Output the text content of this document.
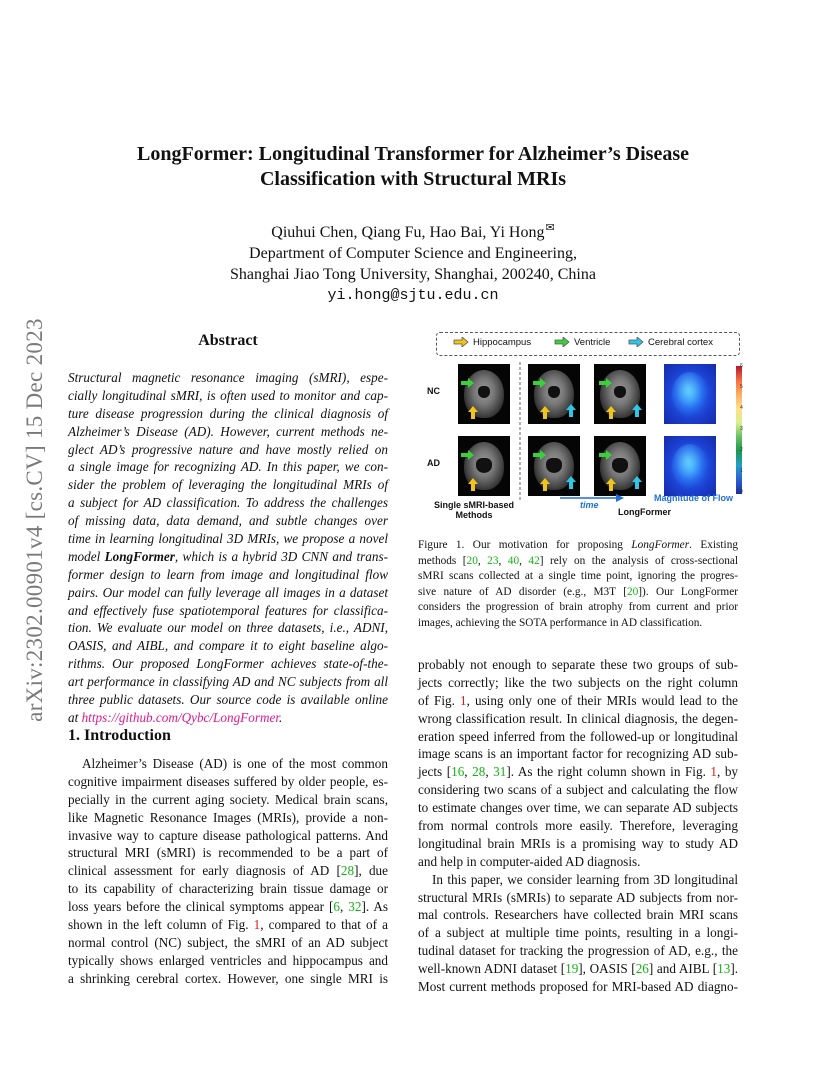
arXiv:2302.00901v4 [cs.CV] 15 Dec 2023
LongFormer: Longitudinal Transformer for Alzheimer’s Disease
Classification with Structural MRIs
Qiuhui Chen, Qiang Fu, Hao Bai, Yi Hong✉
Department of Computer Science and Engineering,
Shanghai Jiao Tong University, Shanghai, 200240, China
yi.hong@sjtu.edu.cn
Abstract
Structural magnetic resonance imaging (sMRI), espe-
cially longitudinal sMRI, is often used to monitor and cap-
ture disease progression during the clinical diagnosis of
Alzheimer’s Disease (AD). However, current methods ne-
glect AD’s progressive nature and have mostly relied on
a single image for recognizing AD. In this paper, we con-
sider the problem of leveraging the longitudinal MRIs of
a subject for AD classification. To address the challenges
of missing data, data demand, and subtle changes over
time in learning longitudinal 3D MRIs, we propose a novel
model LongFormer, which is a hybrid 3D CNN and trans-
former design to learn from image and longitudinal flow
pairs. Our model can fully leverage all images in a dataset
and effectively fuse spatiotemporal features for classifica-
tion. We evaluate our model on three datasets, i.e., ADNI,
OASIS, and AIBL, and compare it to eight baseline algo-
rithms. Our proposed LongFormer achieves state-of-the-
art performance in classifying AD and NC subjects from all
three public datasets. Our source code is available online
at https://github.com/Qybc/LongFormer.
1. Introduction
Alzheimer’s Disease (AD) is one of the most common
cognitive impairment diseases suffered by older people, es-
pecially in the current aging society. Medical brain scans,
like Magnetic Resonance Images (MRIs), provide a non-
invasive way to capture disease pathological patterns. And
structural MRI (sMRI) is recommended to be a part of
clinical assessment for early diagnosis of AD [28], due
to its capability of characterizing brain tissue damage or
loss years before the clinical symptoms appear [6, 32]. As
shown in the left column of Fig. 1, compared to that of a
normal control (NC) subject, the sMRI of an AD subject
typically shows enlarged ventricles and hippocampus and
a shrinking cerebral cortex. However, one single MRI is
Hippocampus	Ventricle	Cerebral cortex
NC
AD
6
5
4
3
2
1
0
Single sMRI-based
Methods
time
Magnitude of Flow
LongFormer
Figure 1. Our motivation for proposing LongFormer. Existing
methods [20, 23, 40, 42] rely on the analysis of cross-sectional
sMRI scans collected at a single time point, ignoring the progres-
sive nature of AD disorder (e.g., M3T [20]). Our LongFormer
considers the progression of brain atrophy from current and prior
images, achieving the SOTA performance in AD classification.
probably not enough to separate these two groups of sub-
jects correctly; like the two subjects on the right column
of Fig. 1, using only one of their MRIs would lead to the
wrong classification result. In clinical diagnosis, the degen-
eration speed inferred from the followed-up or longitudinal
image scans is an important factor for recognizing AD sub-
jects [16, 28, 31]. As the right column shown in Fig. 1, by
considering two scans of a subject and calculating the flow
to estimate changes over time, we can separate AD subjects
from normal controls more easily. Therefore, leveraging
longitudinal brain MRIs is a promising way to study AD
and help in computer-aided AD diagnosis.
In this paper, we consider learning from 3D longitudinal
structural MRIs (sMRIs) to separate AD subjects from nor-
mal controls. Researchers have collected brain MRI scans
of a subject at multiple time points, resulting in a longi-
tudinal dataset for tracking the progression of AD, e.g., the
well-known ADNI dataset [19], OASIS [26] and AIBL [13].
Most current methods proposed for MRI-based AD diagno-
